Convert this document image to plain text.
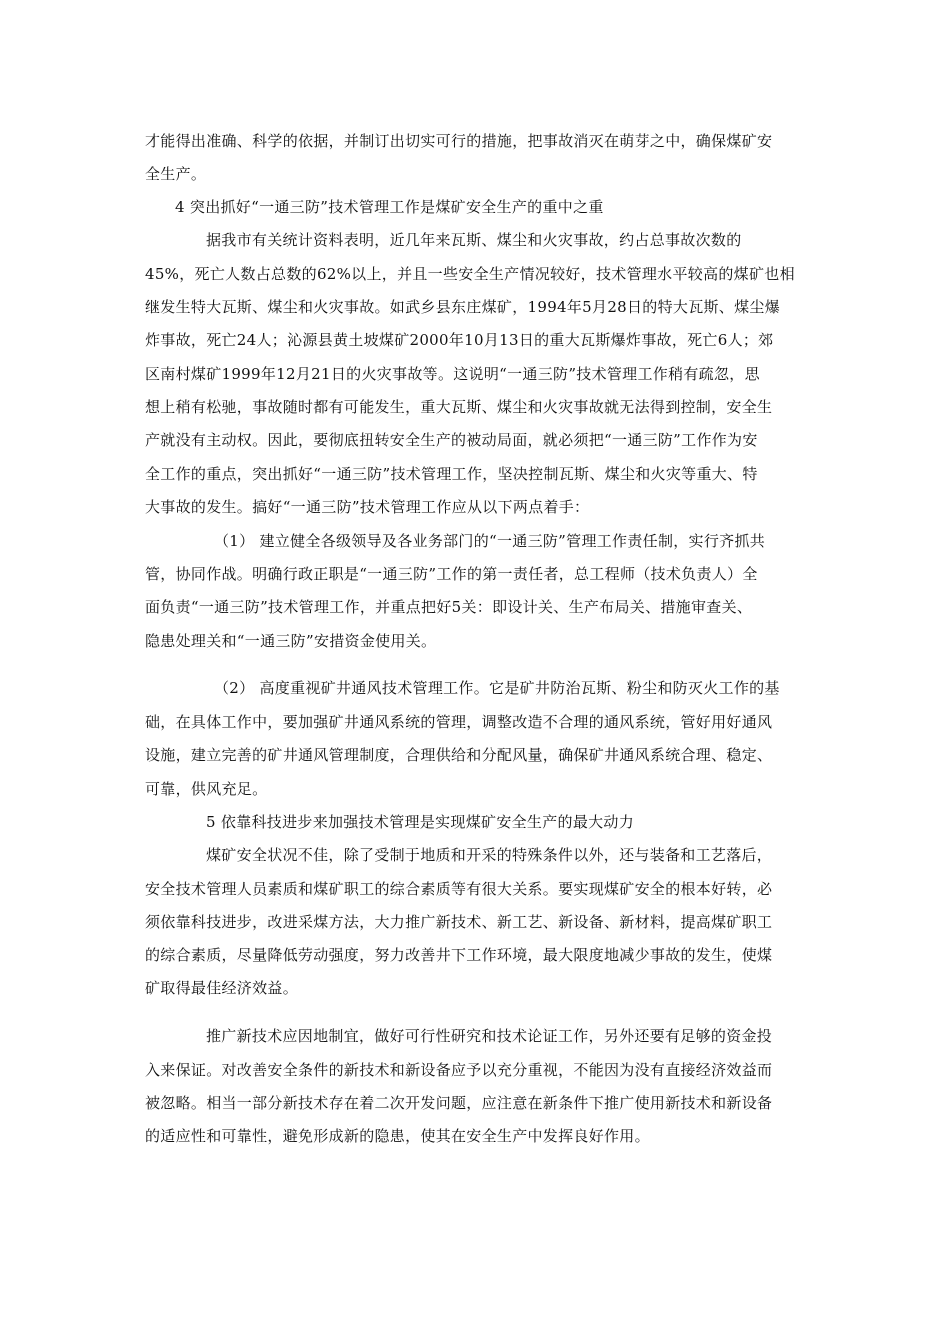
才能得出准确、科学的依据，并制订出切实可行的措施，把事故消灭在萌芽之中，确保煤矿安
全生产。
4 突出抓好“一通三防”技术管理工作是煤矿安全生产的重中之重
据我市有关统计资料表明，近几年来瓦斯、煤尘和火灾事故，约占总事故次数的
45%，死亡人数占总数的62%以上，并且一些安全生产情况较好，技术管理水平较高的煤矿也相
继发生特大瓦斯、煤尘和火灾事故。如武乡县东庄煤矿，1994年5月28日的特大瓦斯、煤尘爆
炸事故，死亡24人；沁源县黄土坡煤矿2000年10月13日的重大瓦斯爆炸事故，死亡6人；郊
区南村煤矿1999年12月21日的火灾事故等。这说明“一通三防”技术管理工作稍有疏忽，思
想上稍有松驰，事故随时都有可能发生，重大瓦斯、煤尘和火灾事故就无法得到控制，安全生
产就没有主动权。因此，要彻底扭转安全生产的被动局面，就必须把“一通三防”工作作为安
全工作的重点，突出抓好“一通三防”技术管理工作，坚决控制瓦斯、煤尘和火灾等重大、特
大事故的发生。搞好“一通三防”技术管理工作应从以下两点着手：
（1） 建立健全各级领导及各业务部门的“一通三防”管理工作责任制，实行齐抓共
管，协同作战。明确行政正职是“一通三防”工作的第一责任者，总工程师（技术负责人）全
面负责“一通三防”技术管理工作，并重点把好5关：即设计关、生产布局关、措施审查关、
隐患处理关和“一通三防”安措资金使用关。
（2） 高度重视矿井通风技术管理工作。它是矿井防治瓦斯、粉尘和防灭火工作的基
础，在具体工作中，要加强矿井通风系统的管理，调整改造不合理的通风系统，管好用好通风
设施，建立完善的矿井通风管理制度，合理供给和分配风量，确保矿井通风系统合理、稳定、
可靠，供风充足。
5 依靠科技进步来加强技术管理是实现煤矿安全生产的最大动力
煤矿安全状况不佳，除了受制于地质和开采的特殊条件以外，还与装备和工艺落后，
安全技术管理人员素质和煤矿职工的综合素质等有很大关系。要实现煤矿安全的根本好转，必
须依靠科技进步，改进采煤方法，大力推广新技术、新工艺、新设备、新材料，提高煤矿职工
的综合素质，尽量降低劳动强度，努力改善井下工作环境，最大限度地减少事故的发生，使煤
矿取得最佳经济效益。
推广新技术应因地制宜，做好可行性研究和技术论证工作，另外还要有足够的资金投
入来保证。对改善安全条件的新技术和新设备应予以充分重视，不能因为没有直接经济效益而
被忽略。相当一部分新技术存在着二次开发问题，应注意在新条件下推广使用新技术和新设备
的适应性和可靠性，避免形成新的隐患，使其在安全生产中发挥良好作用。
